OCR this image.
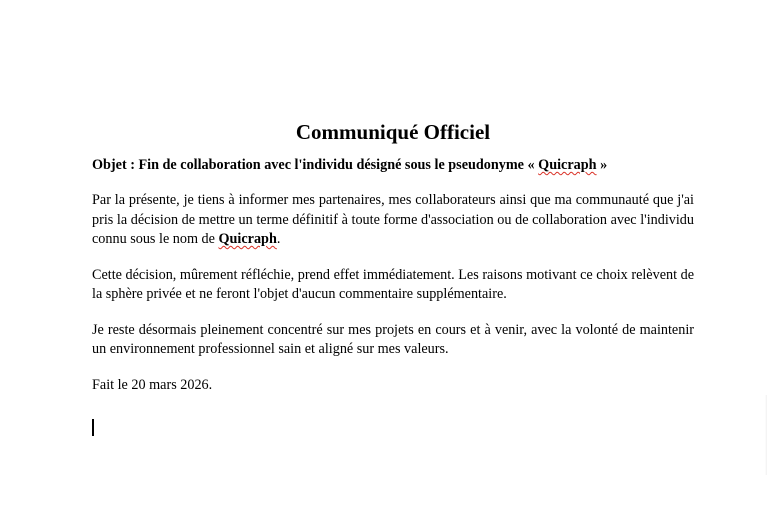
Communiqué Officiel

Objet : Fin de collaboration avec l'individu désigné sous le pseudonyme « Quicraph »

Par la présente, je tiens à informer mes partenaires, mes collaborateurs ainsi que ma communauté que j'ai pris la décision de mettre un terme définitif à toute forme d'association ou de collaboration avec l'individu connu sous le nom de Quicraph.

Cette décision, mûrement réfléchie, prend effet immédiatement. Les raisons motivant ce choix relèvent de la sphère privée et ne feront l'objet d'aucun commentaire supplémentaire.

Je reste désormais pleinement concentré sur mes projets en cours et à venir, avec la volonté de maintenir un environnement professionnel sain et aligné sur mes valeurs.

Fait le 20 mars 2026.
